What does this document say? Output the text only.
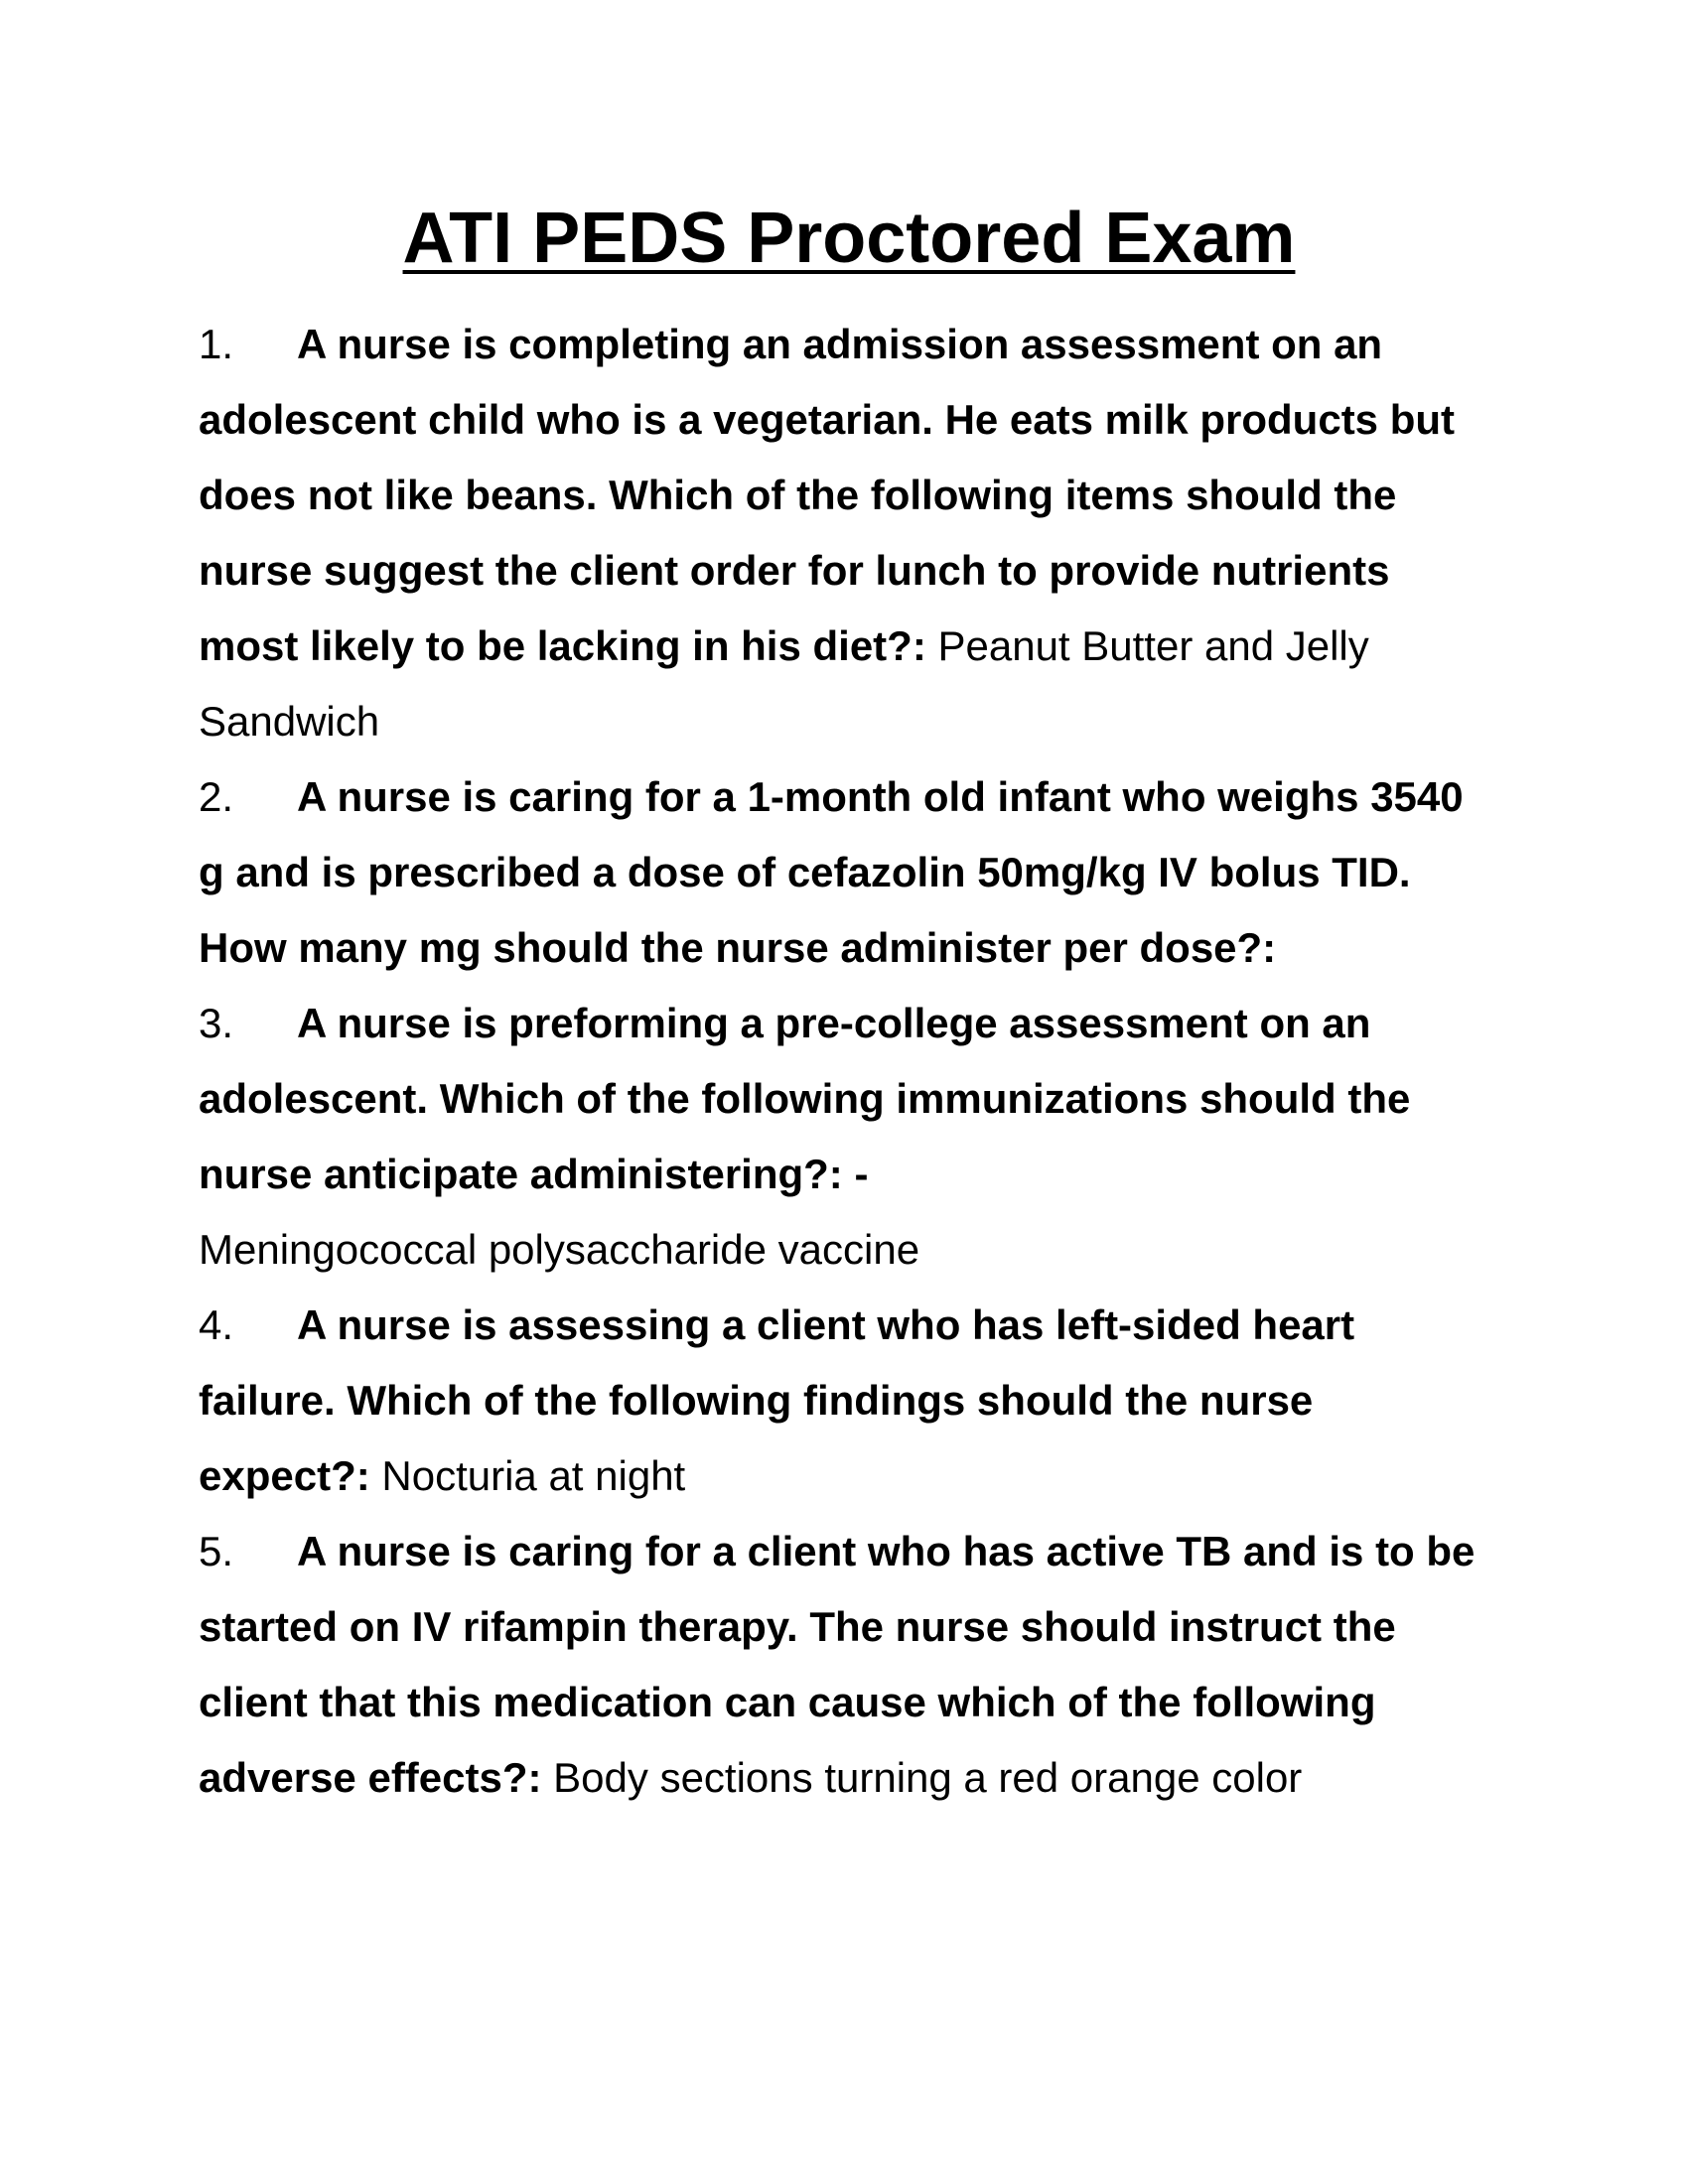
ATI PEDS Proctored Exam

1. A nurse is completing an admission assessment on an adolescent child who is a vegetarian. He eats milk products but does not like beans. Which of the following items should the nurse suggest the client order for lunch to provide nutrients most likely to be lacking in his diet?: Peanut Butter and Jelly Sandwich

2. A nurse is caring for a 1-month old infant who weighs 3540 g and is prescribed a dose of cefazolin 50mg/kg IV bolus TID. How many mg should the nurse administer per dose?:

3. A nurse is preforming a pre-college assessment on an adolescent. Which of the following immunizations should the nurse anticipate administering?: -

Meningococcal polysaccharide vaccine

4. A nurse is assessing a client who has left-sided heart failure. Which of the following findings should the nurse expect?: Nocturia at night

5. A nurse is caring for a client who has active TB and is to be started on IV rifampin therapy. The nurse should instruct the client that this medication can cause which of the following adverse effects?: Body sections turning a red orange color
